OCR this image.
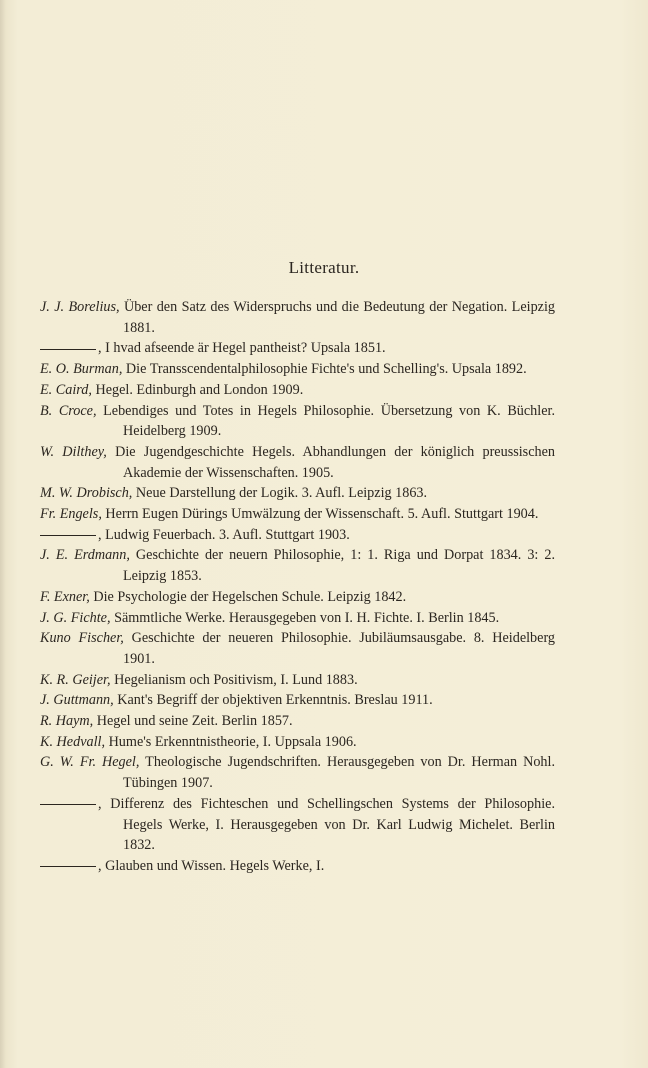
Litteratur.
J. J. Borelius, Über den Satz des Widerspruchs und die Bedeutung der Negation. Leipzig 1881.
, I hvad afseende är Hegel pantheist? Upsala 1851.
E. O. Burman, Die Transscendentalphilosophie Fichte's und Schelling's. Upsala 1892.
E. Caird, Hegel. Edinburgh and London 1909.
B. Croce, Lebendiges und Totes in Hegels Philosophie. Übersetzung von K. Büchler. Heidelberg 1909.
W. Dilthey, Die Jugendgeschichte Hegels. Abhandlungen der königlich preussischen Akademie der Wissenschaften. 1905.
M. W. Drobisch, Neue Darstellung der Logik. 3. Aufl. Leipzig 1863.
Fr. Engels, Herrn Eugen Dürings Umwälzung der Wissenschaft. 5. Aufl. Stuttgart 1904.
, Ludwig Feuerbach. 3. Aufl. Stuttgart 1903.
J. E. Erdmann, Geschichte der neuern Philosophie, 1: 1. Riga und Dorpat 1834. 3: 2. Leipzig 1853.
F. Exner, Die Psychologie der Hegelschen Schule. Leipzig 1842.
J. G. Fichte, Sämmtliche Werke. Herausgegeben von I. H. Fichte. I. Berlin 1845.
Kuno Fischer, Geschichte der neueren Philosophie. Jubiläumsausgabe. 8. Heidelberg 1901.
K. R. Geijer, Hegelianism och Positivism, I. Lund 1883.
J. Guttmann, Kant's Begriff der objektiven Erkenntnis. Breslau 1911.
R. Haym, Hegel und seine Zeit. Berlin 1857.
K. Hedvall, Hume's Erkenntnistheorie, I. Uppsala 1906.
G. W. Fr. Hegel, Theologische Jugendschriften. Herausgegeben von Dr. Herman Nohl. Tübingen 1907.
, Differenz des Fichteschen und Schellingschen Systems der Philosophie. Hegels Werke, I. Herausgegeben von Dr. Karl Ludwig Michelet. Berlin 1832.
, Glauben und Wissen. Hegels Werke, I.
